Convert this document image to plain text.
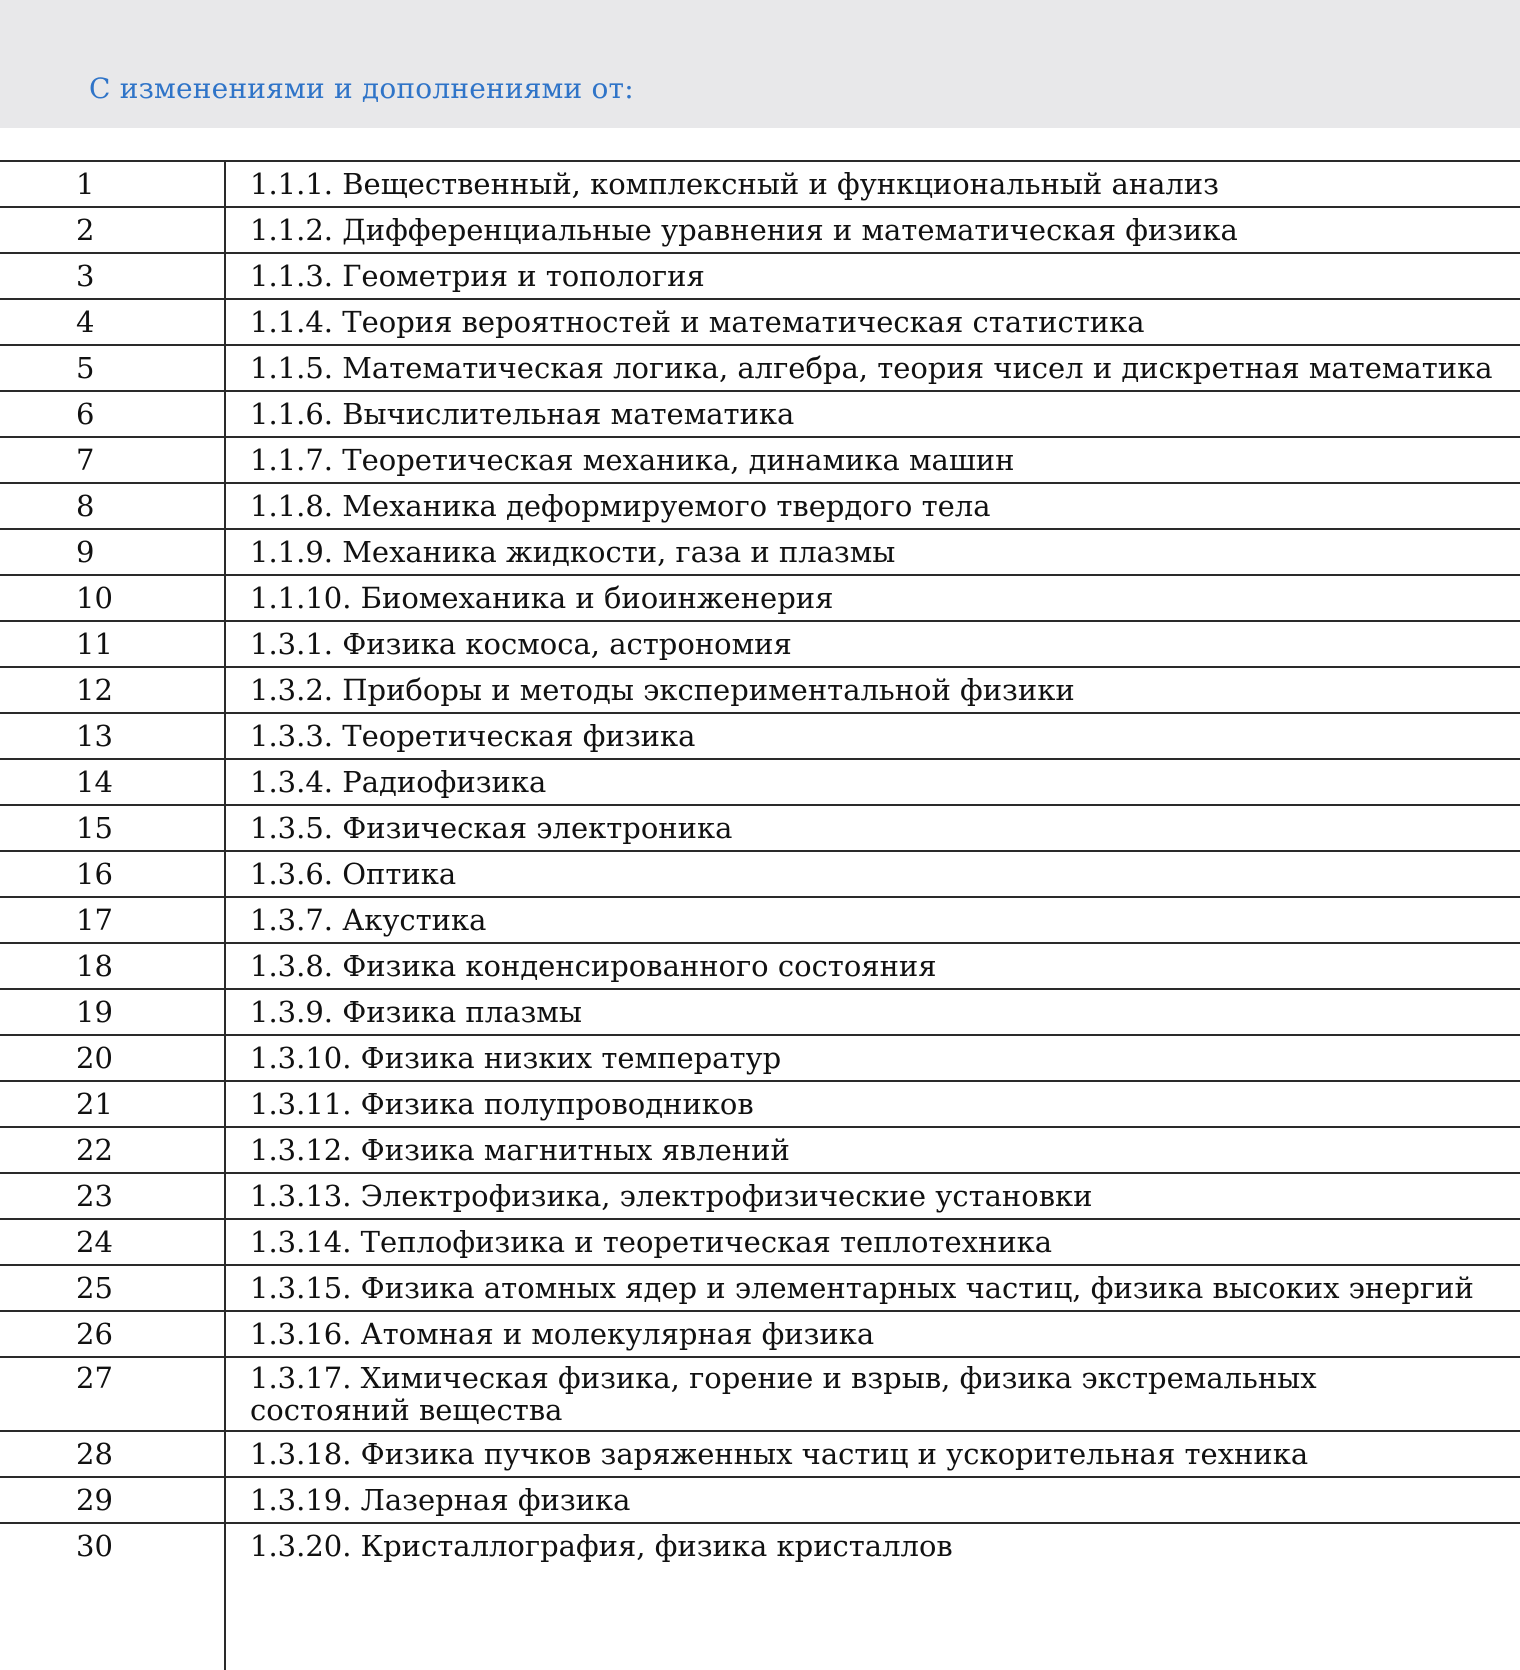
С изменениями и дополнениями от:
1	1.1.1. Вещественный, комплексный и функциональный анализ
2	1.1.2. Дифференциальные уравнения и математическая физика
3	1.1.3. Геометрия и топология
4	1.1.4. Теория вероятностей и математическая статистика
5	1.1.5. Математическая логика, алгебра, теория чисел и дискретная математика
6	1.1.6. Вычислительная математика
7	1.1.7. Теоретическая механика, динамика машин
8	1.1.8. Механика деформируемого твердого тела
9	1.1.9. Механика жидкости, газа и плазмы
10	1.1.10. Биомеханика и биоинженерия
11	1.3.1. Физика космоса, астрономия
12	1.3.2. Приборы и методы экспериментальной физики
13	1.3.3. Теоретическая физика
14	1.3.4. Радиофизика
15	1.3.5. Физическая электроника
16	1.3.6. Оптика
17	1.3.7. Акустика
18	1.3.8. Физика конденсированного состояния
19	1.3.9. Физика плазмы
20	1.3.10. Физика низких температур
21	1.3.11. Физика полупроводников
22	1.3.12. Физика магнитных явлений
23	1.3.13. Электрофизика, электрофизические установки
24	1.3.14. Теплофизика и теоретическая теплотехника
25	1.3.15. Физика атомных ядер и элементарных частиц, физика высоких энергий
26	1.3.16. Атомная и молекулярная физика
27	1.3.17. Химическая физика, горение и взрыв, физика экстремальных состояний вещества
28	1.3.18. Физика пучков заряженных частиц и ускорительная техника
29	1.3.19. Лазерная физика
30	1.3.20. Кристаллография, физика кристаллов
